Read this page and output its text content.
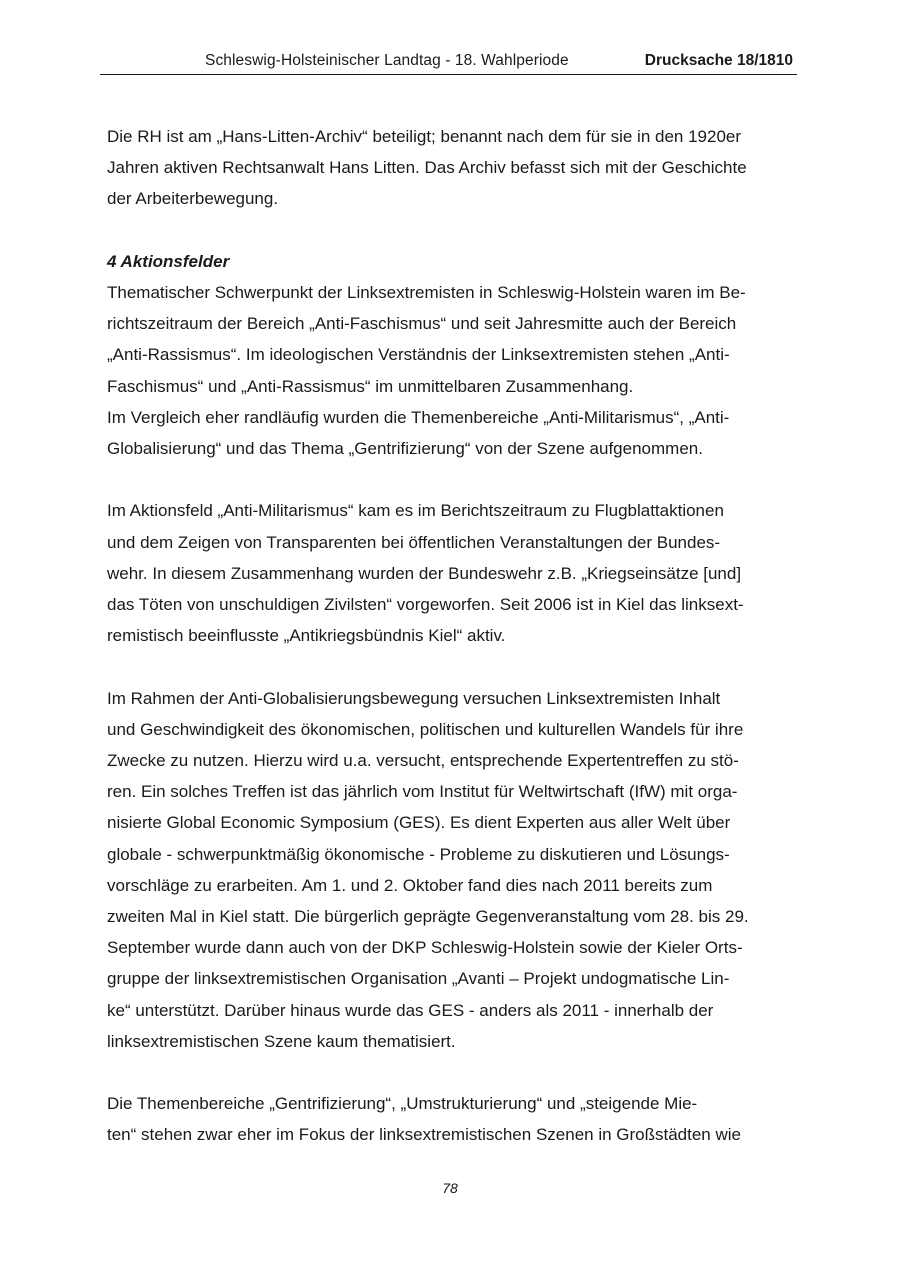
Schleswig-Holsteinischer Landtag - 18. Wahlperiode	Drucksache 18/1810
Die RH ist am „Hans-Litten-Archiv“ beteiligt; benannt nach dem für sie in den 1920er
Jahren aktiven Rechtsanwalt Hans Litten. Das Archiv befasst sich mit der Geschichte
der Arbeiterbewegung.
4 Aktionsfelder
Thematischer Schwerpunkt der Linksextremisten in Schleswig-Holstein waren im Be-
richtszeitraum der Bereich „Anti-Faschismus“ und seit Jahresmitte auch der Bereich
„Anti-Rassismus“. Im ideologischen Verständnis der Linksextremisten stehen „Anti-
Faschismus“ und „Anti-Rassismus“ im unmittelbaren Zusammenhang.
Im Vergleich eher randläufig wurden die Themenbereiche „Anti-Militarismus“, „Anti-
Globalisierung“ und das Thema „Gentrifizierung“ von der Szene aufgenommen.
Im Aktionsfeld „Anti-Militarismus“ kam es im Berichtszeitraum zu Flugblattaktionen
und dem Zeigen von Transparenten bei öffentlichen Veranstaltungen der Bundes-
wehr. In diesem Zusammenhang wurden der Bundeswehr z.B. „Kriegseinsätze [und]
das Töten von unschuldigen Zivilsten“ vorgeworfen. Seit 2006 ist in Kiel das linksext-
remistisch beeinflusste „Antikriegsbündnis Kiel“ aktiv.
Im Rahmen der Anti-Globalisierungsbewegung versuchen Linksextremisten Inhalt
und Geschwindigkeit des ökonomischen, politischen und kulturellen Wandels für ihre
Zwecke zu nutzen. Hierzu wird u.a. versucht, entsprechende Expertentreffen zu stö-
ren. Ein solches Treffen ist das jährlich vom Institut für Weltwirtschaft (IfW) mit orga-
nisierte Global Economic Symposium (GES). Es dient Experten aus aller Welt über
globale - schwerpunktmäßig ökonomische - Probleme zu diskutieren und Lösungs-
vorschläge zu erarbeiten. Am 1. und 2. Oktober fand dies nach 2011 bereits zum
zweiten Mal in Kiel statt. Die bürgerlich geprägte Gegenveranstaltung vom 28. bis 29.
September wurde dann auch von der DKP Schleswig-Holstein sowie der Kieler Orts-
gruppe der linksextremistischen Organisation „Avanti – Projekt undogmatische Lin-
ke“ unterstützt. Darüber hinaus wurde das GES - anders als 2011 - innerhalb der
linksextremistischen Szene kaum thematisiert.
Die Themenbereiche „Gentrifizierung“, „Umstrukturierung“ und „steigende Mie-
ten“ stehen zwar eher im Fokus der linksextremistischen Szenen in Großstädten wie
78
